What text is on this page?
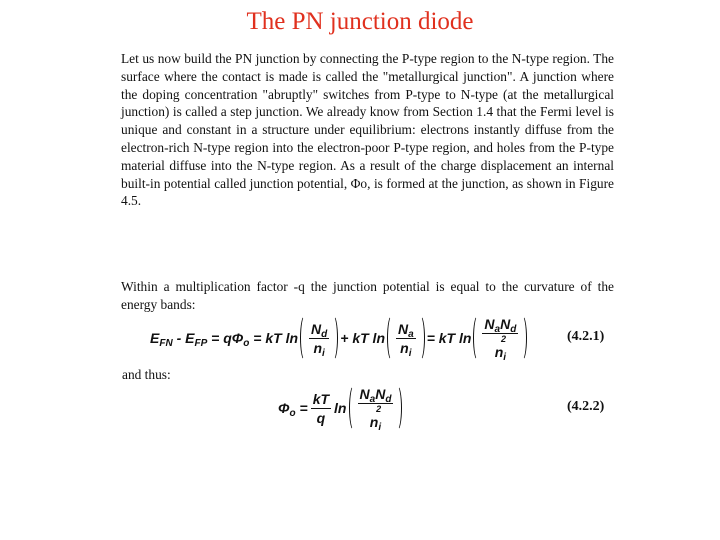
The PN junction diode
Let us now build the PN junction by connecting the P-type region to the N-type region. The surface where the contact is made is called the "metallurgical junction". A junction where the doping concentration "abruptly" switches from P-type to N-type (at the metallurgical junction) is called a step junction. We already know from Section 1.4 that the Fermi level is unique and constant in a structure under equilibrium: electrons instantly diffuse from the electron-rich N-type region into the electron-poor P-type region, and holes from the P-type material diffuse into the N-type region. As a result of the charge displacement an internal built-in potential called junction potential, Φo, is formed at the junction, as shown in Figure 4.5.
Within a multiplication factor -q the junction potential is equal to the curvature of the energy bands:
$E_{FN} - E_{FP} = q\Phi_o$ = kT $\ln \frac{N_d}{n_i}$ + kT $\ln \frac{N_a}{n_i}$ = kT $\ln N_aN_d$
2
$n_i$	(4.2.1)
and thus:
$\Phi_o = \frac{kT}{q}$ $\ln N_aN_d$
2
$n_i$	(4.2.2)
